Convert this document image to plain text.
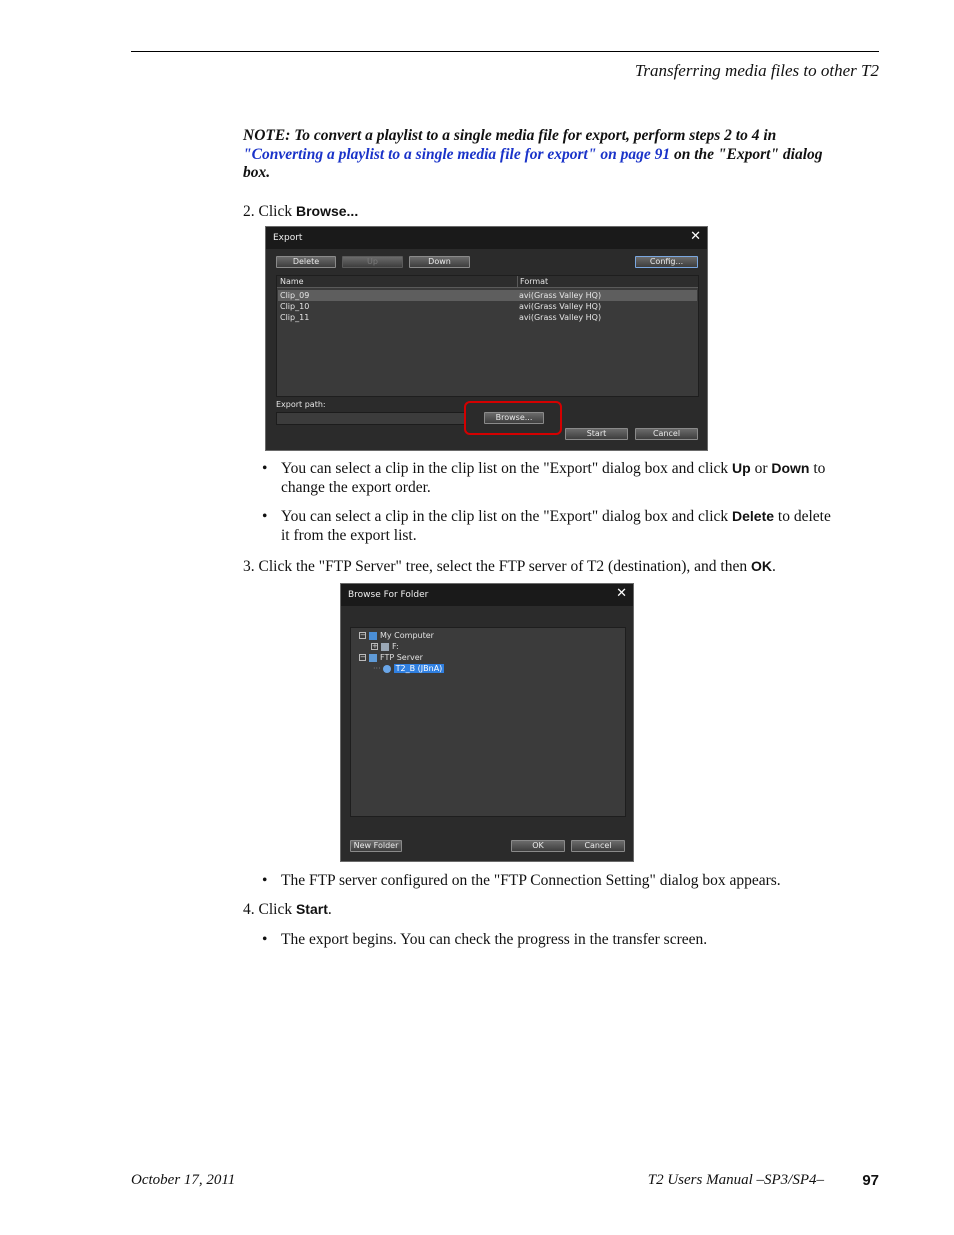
Transferring media files to other T2
NOTE: To convert a playlist to a single media file for export, perform steps 2 to 4 in "Converting a playlist to a single media file for export" on page 91 on the "Export" dialog box.
2. Click Browse...
Export	✕
Delete	Up	Down	Config...
Name	Format
Clip_09	avi(Grass Valley HQ)
Clip_10	avi(Grass Valley HQ)
Clip_11	avi(Grass Valley HQ)
Export path:
Browse...
Start	Cancel
• You can select a clip in the clip list on the "Export" dialog box and click Up or Down to change the export order.
• You can select a clip in the clip list on the "Export" dialog box and click Delete to delete it from the export list.
3. Click the "FTP Server" tree, select the FTP server of T2 (destination), and then OK.
Browse For Folder	✕
− My Computer
+ F:
− FTP Server
··· T2_B (JBnA)
New Folder	OK	Cancel
• The FTP server configured on the "FTP Connection Setting" dialog box appears.
4. Click Start.
• The export begins. You can check the progress in the transfer screen.
October 17, 2011	T2 Users Manual –SP3/SP4–	97
